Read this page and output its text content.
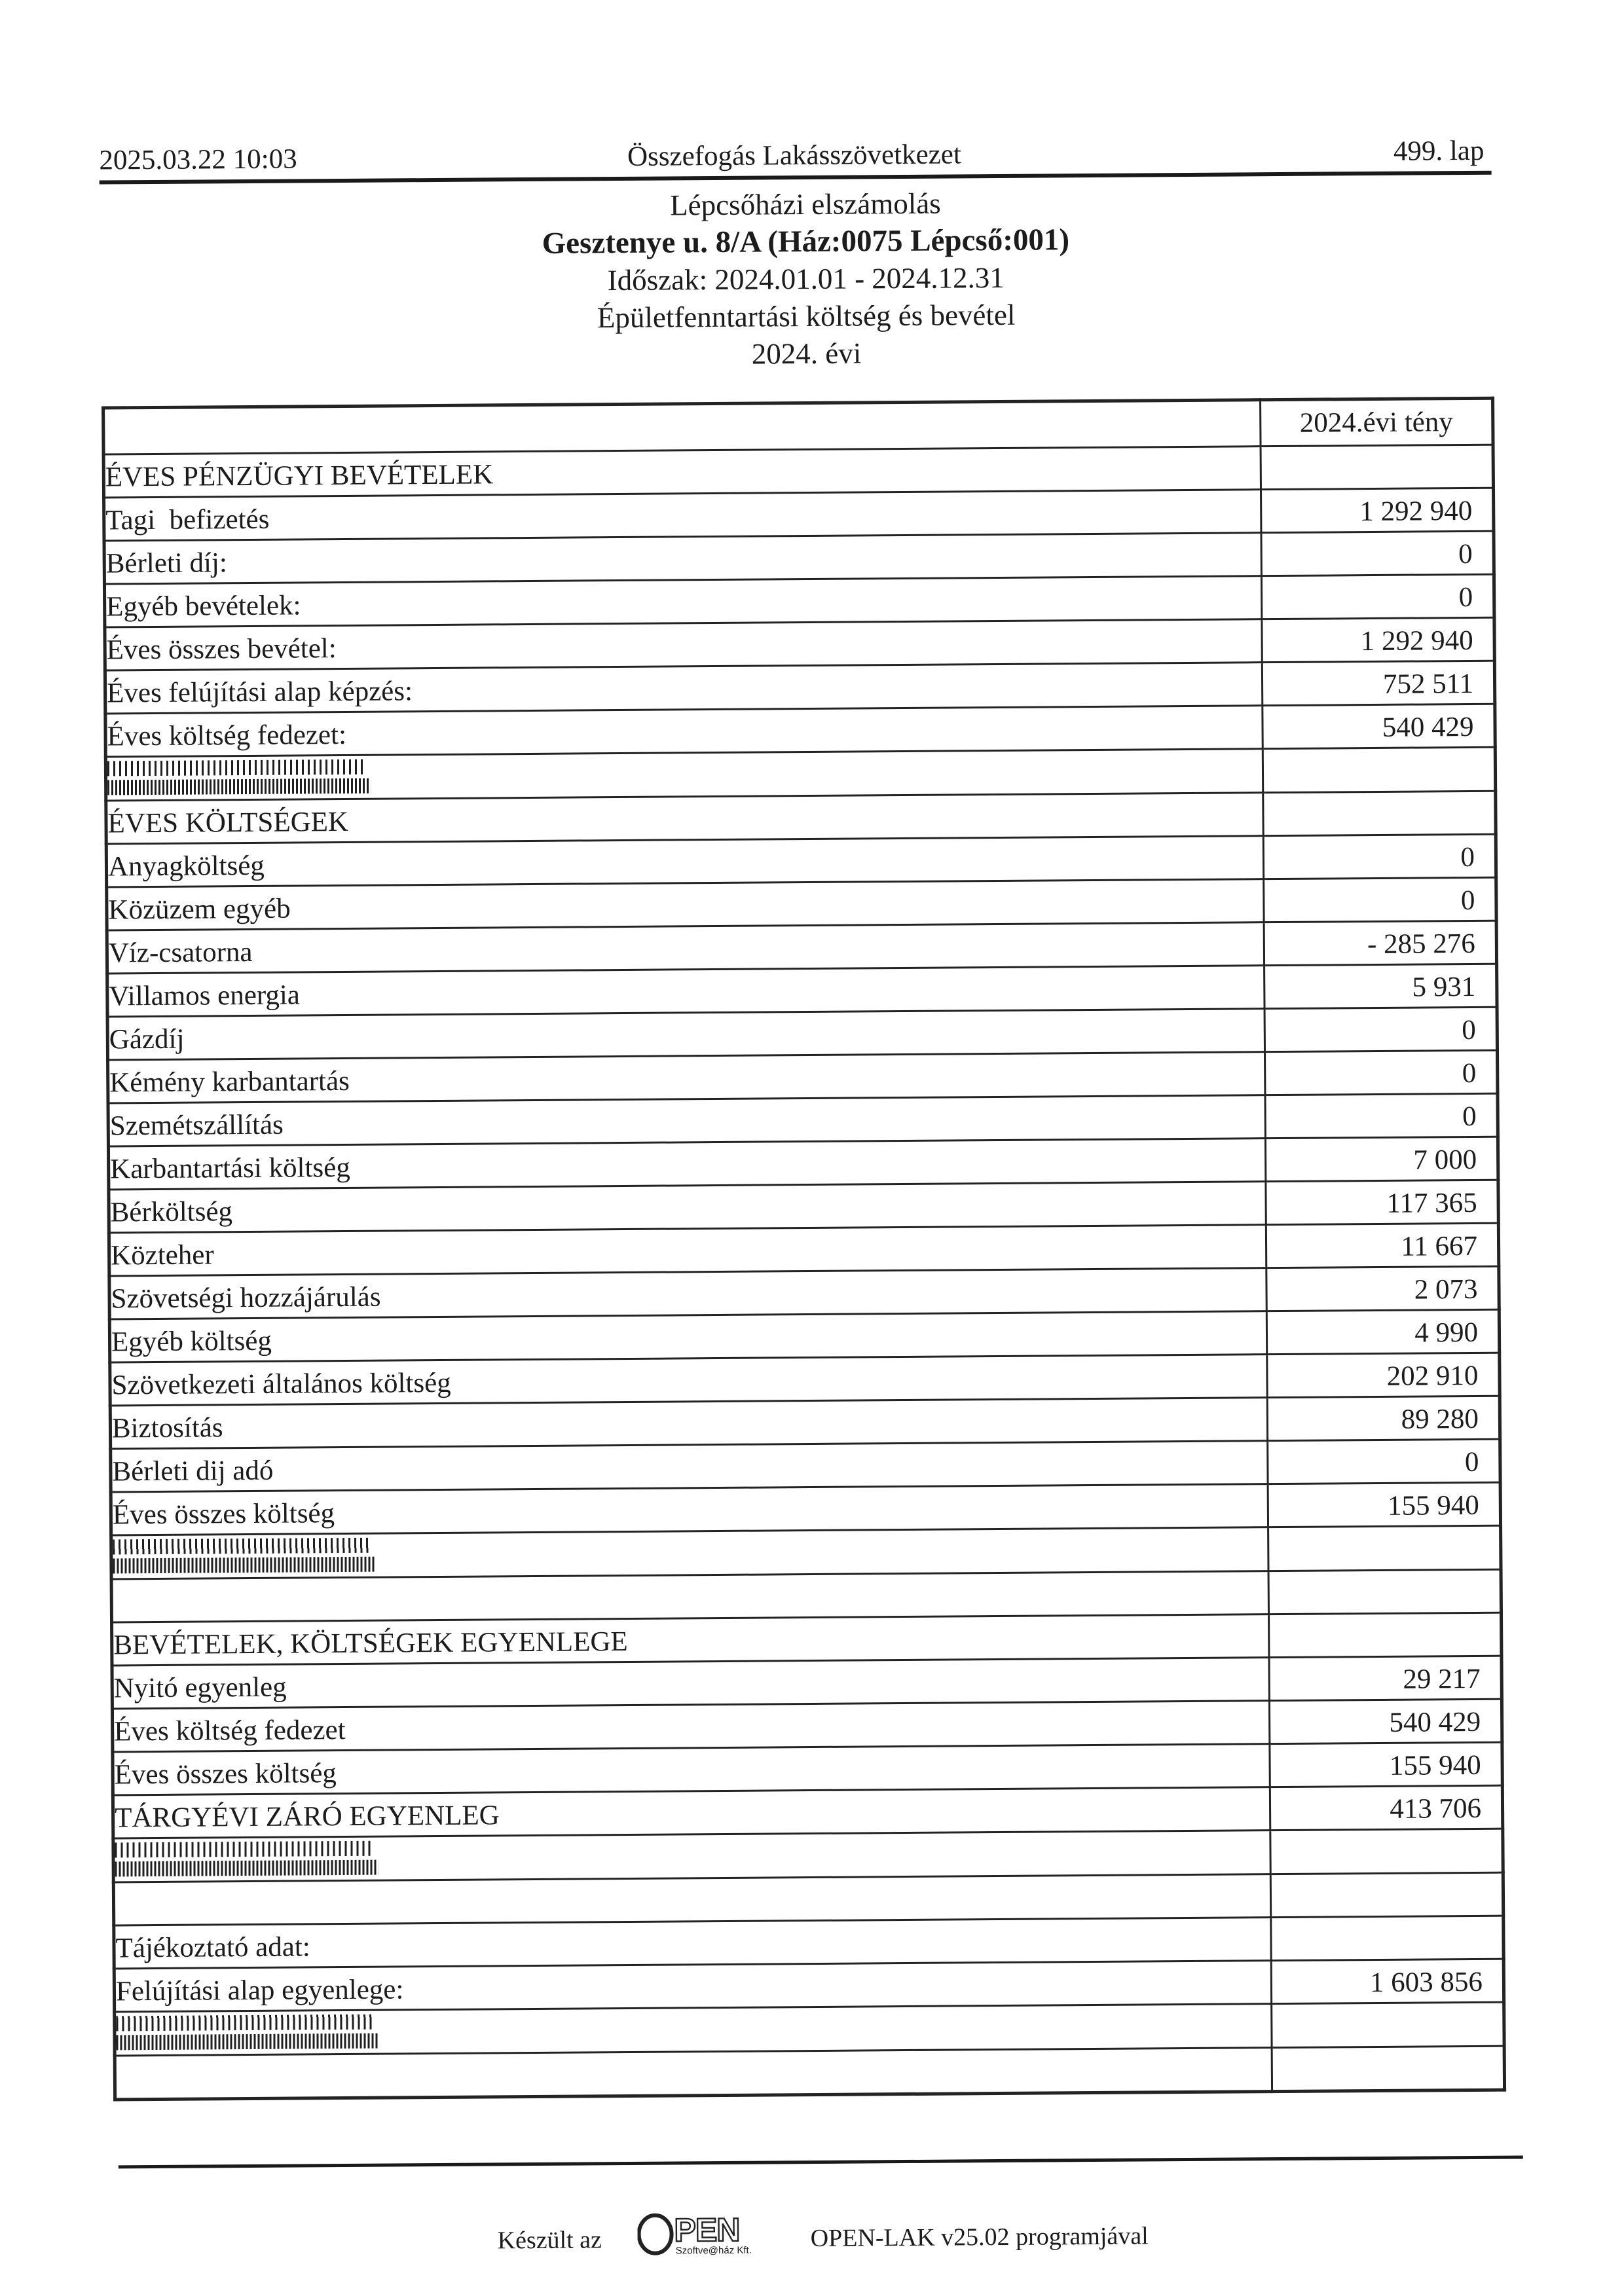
2025.03.22 10:03	Összefogás Lakásszövetkezet	499. lap
Lépcsőházi elszámolás
Gesztenye u. 8/A (Ház:0075 Lépcső:001)
Időszak: 2024.01.01 - 2024.12.31
Épületfenntartási költség és bevétel
2024. évi
	2024.évi tény
ÉVES PÉNZÜGYI BEVÉTELEK	
Tagi  befizetés	1 292 940
Bérleti díj:	0
Egyéb bevételek:	0
Éves összes bevétel:	1 292 940
Éves felújítási alap képzés:	752 511
Éves költség fedezet:	540 429

ÉVES KÖLTSÉGEK	
Anyagköltség	0
Közüzem egyéb	0
Víz-csatorna	- 285 276
Villamos energia	5 931
Gázdíj	0
Kémény karbantartás	0
Szemétszállítás	0
Karbantartási költség	7 000
Bérköltség	117 365
Közteher	11 667
Szövetségi hozzájárulás	2 073
Egyéb költség	4 990
Szövetkezeti általános költség	202 910
Biztosítás	89 280
Bérleti dij adó	0
Éves összes költség	155 940

BEVÉTELEK, KÖLTSÉGEK EGYENLEGE	
Nyitó egyenleg	29 217
Éves költség fedezet	540 429
Éves összes költség	155 940
TÁRGYÉVI ZÁRÓ EGYENLEG	413 706

Tájékoztató adat:	
Felújítási alap egyenlege:	1 603 856

Készült az PEN
Szoftve@ház Kft. OPEN-LAK v25.02 programjával
